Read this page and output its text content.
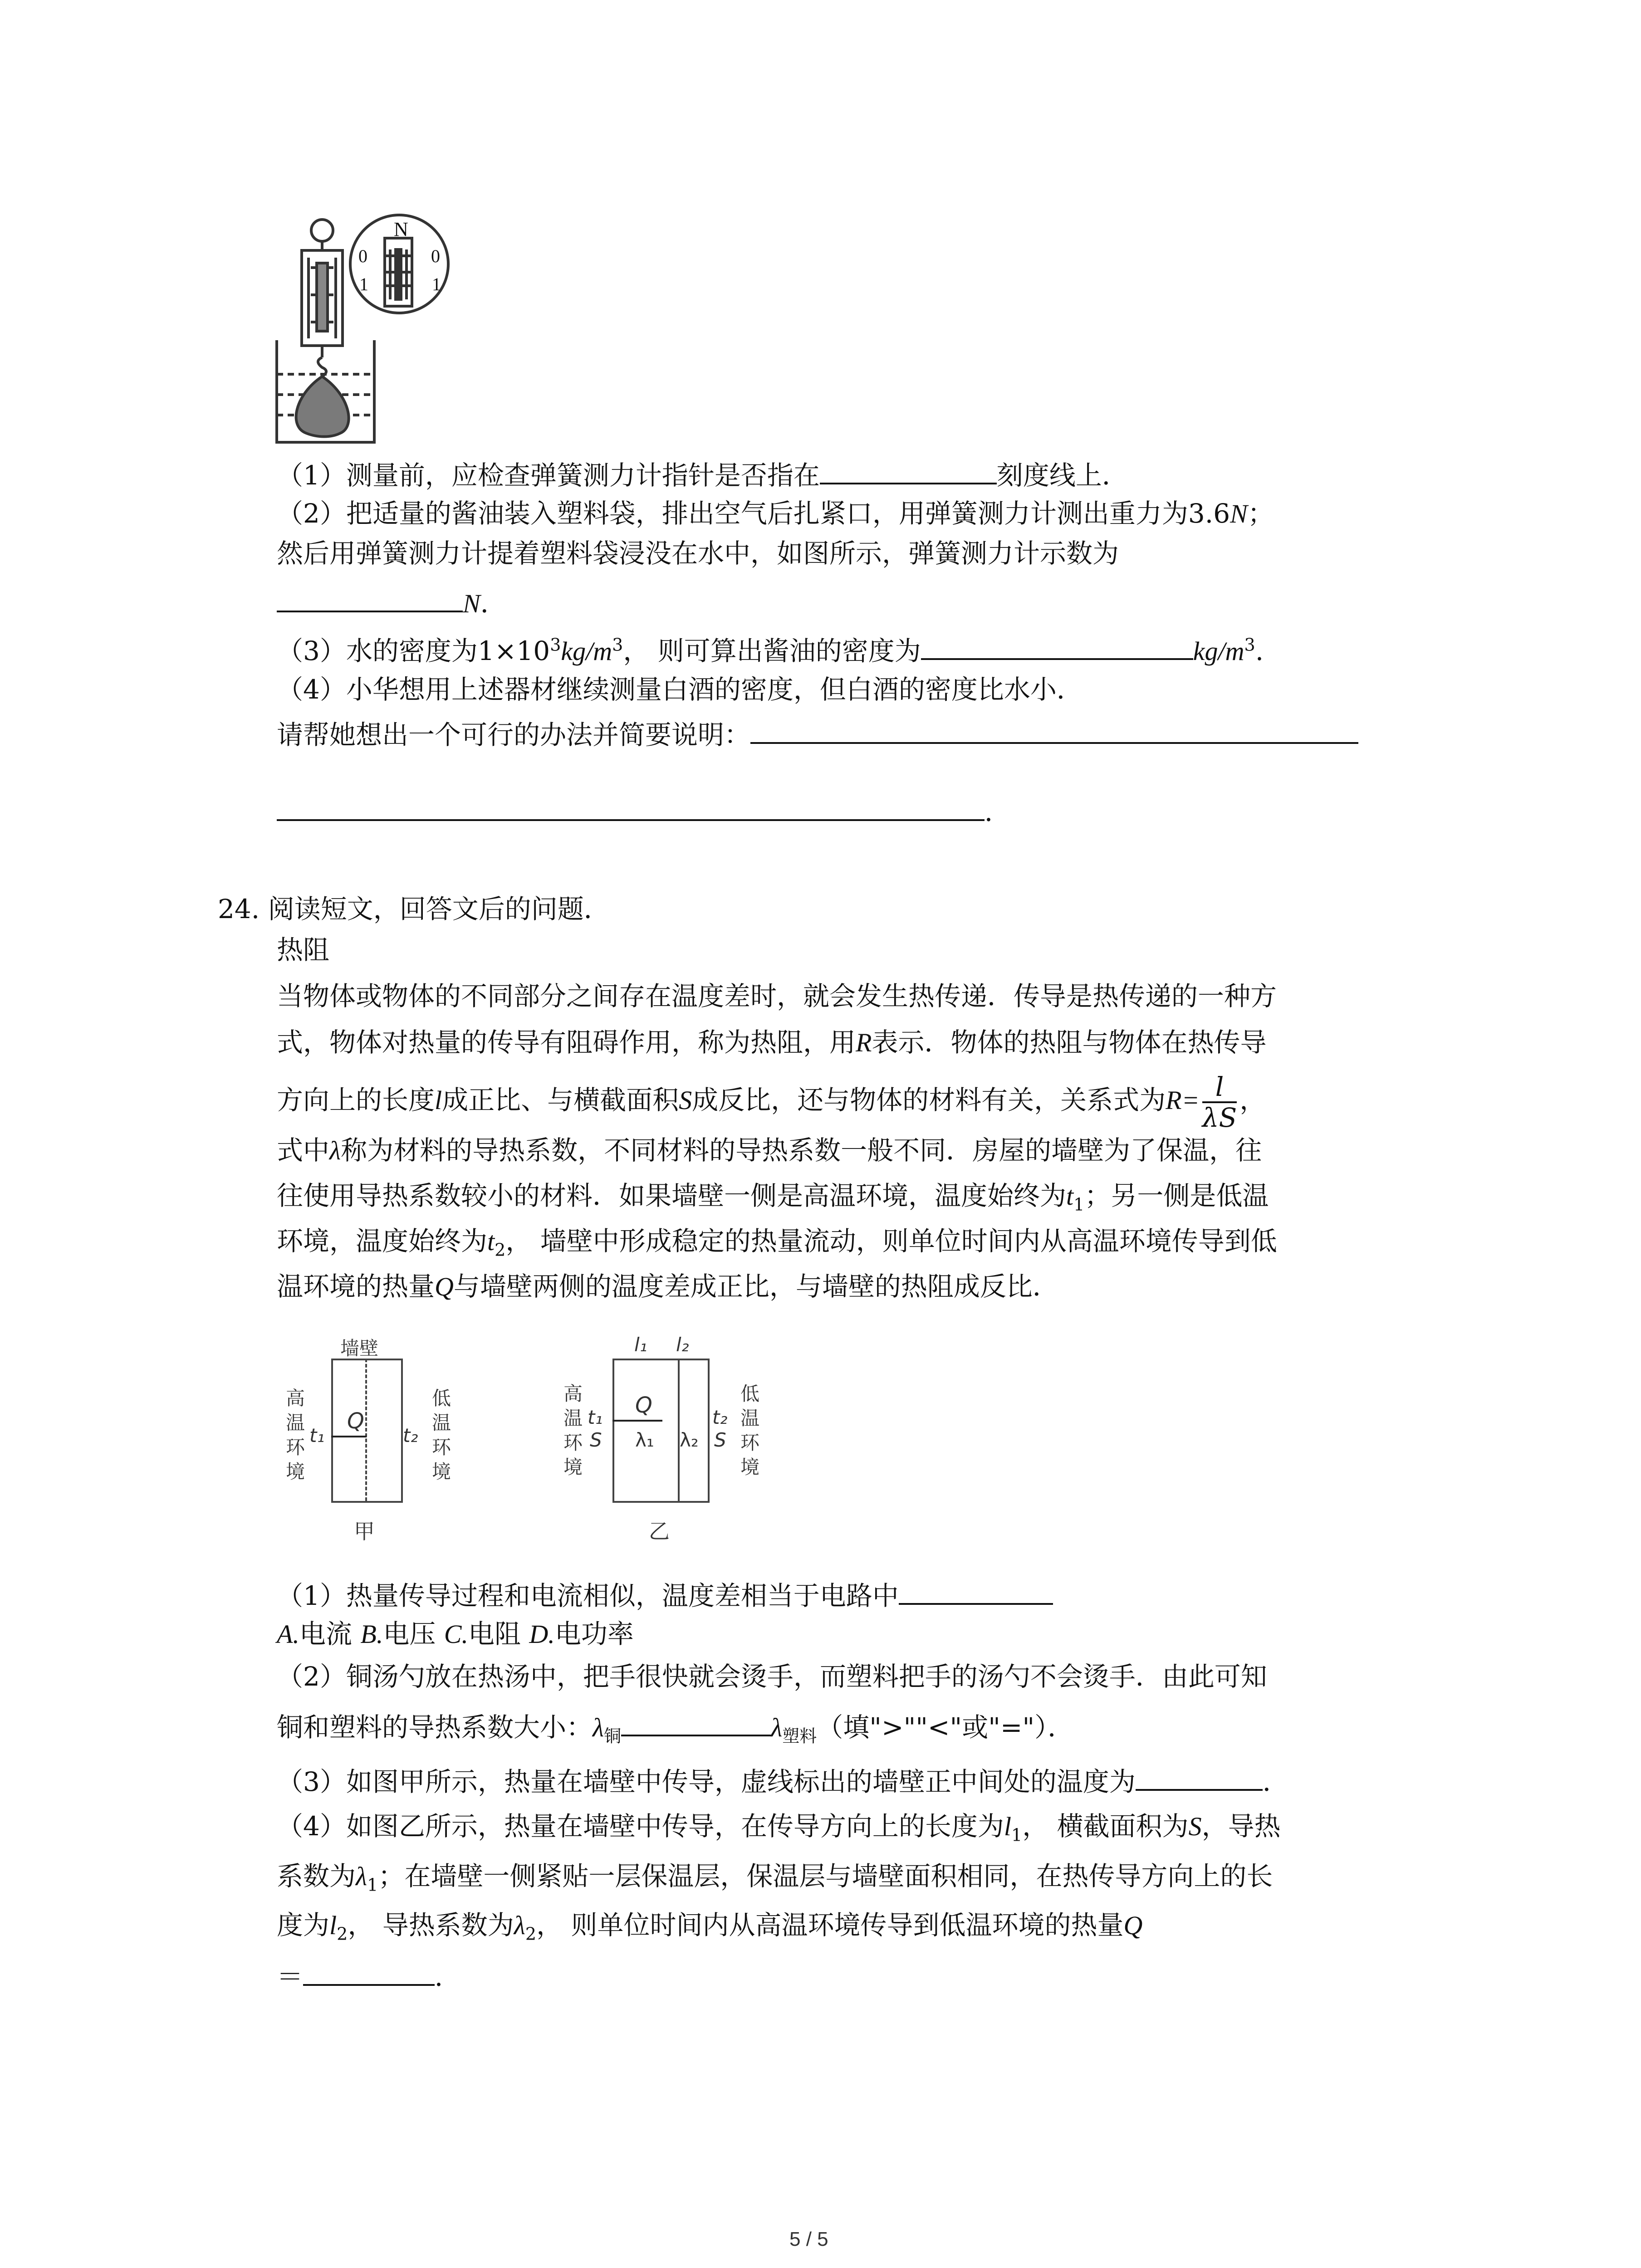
N
0
1
0
1
（1）测量前，应检查弹簧测力计指针是否指在	刻度线上．
（2）把适量的酱油装入塑料袋，排出空气后扎紧口，用弹簧测力计测出重力为3.6N；
然后用弹簧测力计提着塑料袋浸没在水中，如图所示，弹簧测力计示数为
N．
（3）水的密度为$1\times 10^3kg/m^3$， 则可算出酱油的密度为	$kg/m^3$.
（4）小华想用上述器材继续测量白酒的密度，但白酒的密度比水小．
请帮她想出一个可行的办法并简要说明：
．
24. 阅读短文，回答文后的问题．
热阻
当物体或物体的不同部分之间存在温度差时，就会发生热传递．传导是热传递的一种方
式，物体对热量的传导有阻碍作用，称为热阻，用R表示．物体的热阻与物体在热传导
方向上的长度l成正比、与横截面积S成反比，还与物体的材料有关，关系式为$R= \frac{l}{\lambda S}$ ，
式中λ称为材料的导热系数，不同材料的导热系数一般不同．房屋的墙壁为了保温，往
往使用导热系数较小的材料．如果墙壁一侧是高温环境，温度始终为$t_1$；另一侧是低温
环境，温度始终为$t_2$， 墙壁中形成稳定的热量流动，则单位时间内从高温环境传导到低
温环境的热量Q与墙壁两侧的温度差成正比，与墙壁的热阻成反比．
墙壁
Q
t₁	t₂
高温环境	低温环境
甲
l₁ l₂
Q
λ₁ λ₂
t₁
S
t₂
S
高温环境	低温环境
乙
（1）热量传导过程和电流相似，温度差相当于电路中
A.电流 B.电压 C.电阻 D.电功率
（2）铜汤勺放在热汤中，把手很快就会烫手，而塑料把手的汤勺不会烫手．由此可知
铜和塑料的导热系数大小：$\lambda_铜$	$\lambda_{塑料}$（填">""<"或"="）．
（3）如图甲所示，热量在墙壁中传导，虚线标出的墙壁正中间处的温度为	．
（4）如图乙所示，热量在墙壁中传导，在传导方向上的长度为$l_1$， 横截面积为S，导热
系数为$\lambda_1$；在墙壁一侧紧贴一层保温层，保温层与墙壁面积相同，在热传导方向上的长
度为$l_2$， 导热系数为$\lambda_2$， 则单位时间内从高温环境传导到低温环境的热量Q
＝	．
5 / 5
